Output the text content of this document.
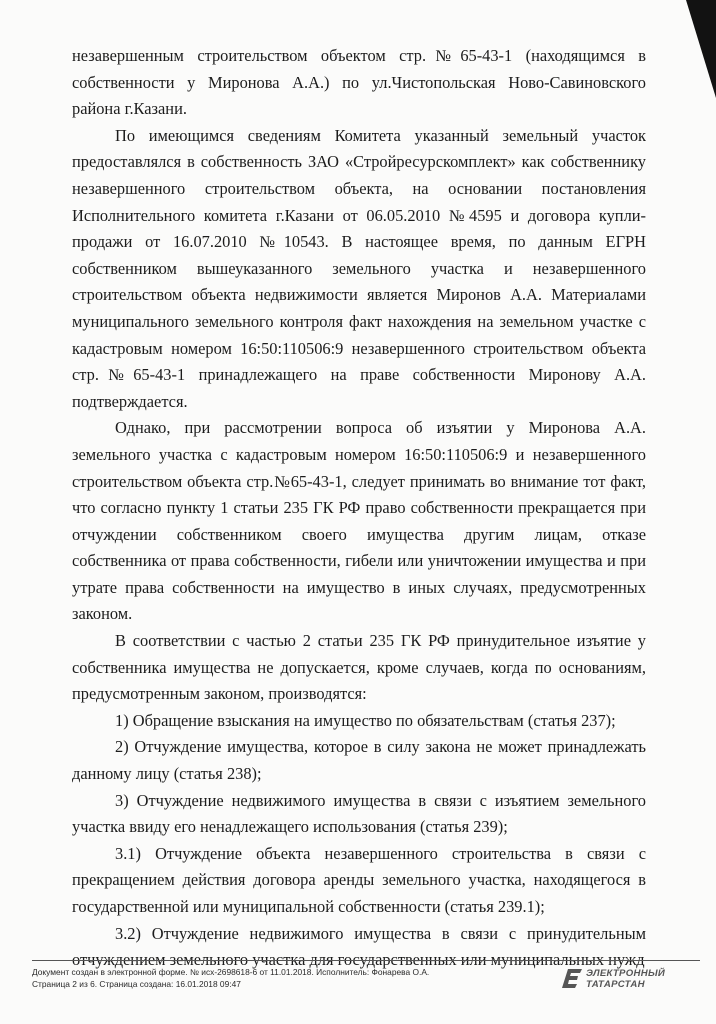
незавершенным строительством объектом стр.№65-43-1 (находящимся в собственности у Миронова А.А.) по ул.Чистопольская Ново-Савиновского района г.Казани.

По имеющимся сведениям Комитета указанный земельный участок предоставлялся в собственность ЗАО «Стройресурскомплект» как собственнику незавершенного строительством объекта, на основании постановления Исполнительного комитета г.Казани от 06.05.2010 №4595 и договора купли-продажи от 16.07.2010 №10543. В настоящее время, по данным ЕГРН собственником вышеуказанного земельного участка и незавершенного строительством объекта недвижимости является Миронов А.А. Материалами муниципального земельного контроля факт нахождения на земельном участке с кадастровым номером 16:50:110506:9 незавершенного строительством объекта стр.№65-43-1 принадлежащего на праве собственности Миронову А.А. подтверждается.

Однако, при рассмотрении вопроса об изъятии у Миронова А.А. земельного участка с кадастровым номером 16:50:110506:9 и незавершенного строительством объекта стр.№65-43-1, следует принимать во внимание тот факт, что согласно пункту 1 статьи 235 ГК РФ право собственности прекращается при отчуждении собственником своего имущества другим лицам, отказе собственника от права собственности, гибели или уничтожении имущества и при утрате права собственности на имущество в иных случаях, предусмотренных законом.

В соответствии с частью 2 статьи 235 ГК РФ принудительное изъятие у собственника имущества не допускается, кроме случаев, когда по основаниям, предусмотренным законом, производятся:

1) Обращение взыскания на имущество по обязательствам (статья 237);

2) Отчуждение имущества, которое в силу закона не может принадлежать данному лицу (статья 238);

3) Отчуждение недвижимого имущества в связи с изъятием земельного участка ввиду его ненадлежащего использования (статья 239);

3.1) Отчуждение объекта незавершенного строительства в связи с прекращением действия договора аренды земельного участка, находящегося в государственной или муниципальной собственности (статья 239.1);

3.2) Отчуждение недвижимого имущества в связи с принудительным отчуждением земельного участка для государственных или муниципальных нужд

Документ создан в электронной форме. № исх-2698618-6 от 11.01.2018. Исполнитель: Фонарева О.А.
Страница 2 из 6. Страница создана: 16.01.2018 09:47
ЭЛЕКТРОННЫЙ
ТАТАРСТАН
